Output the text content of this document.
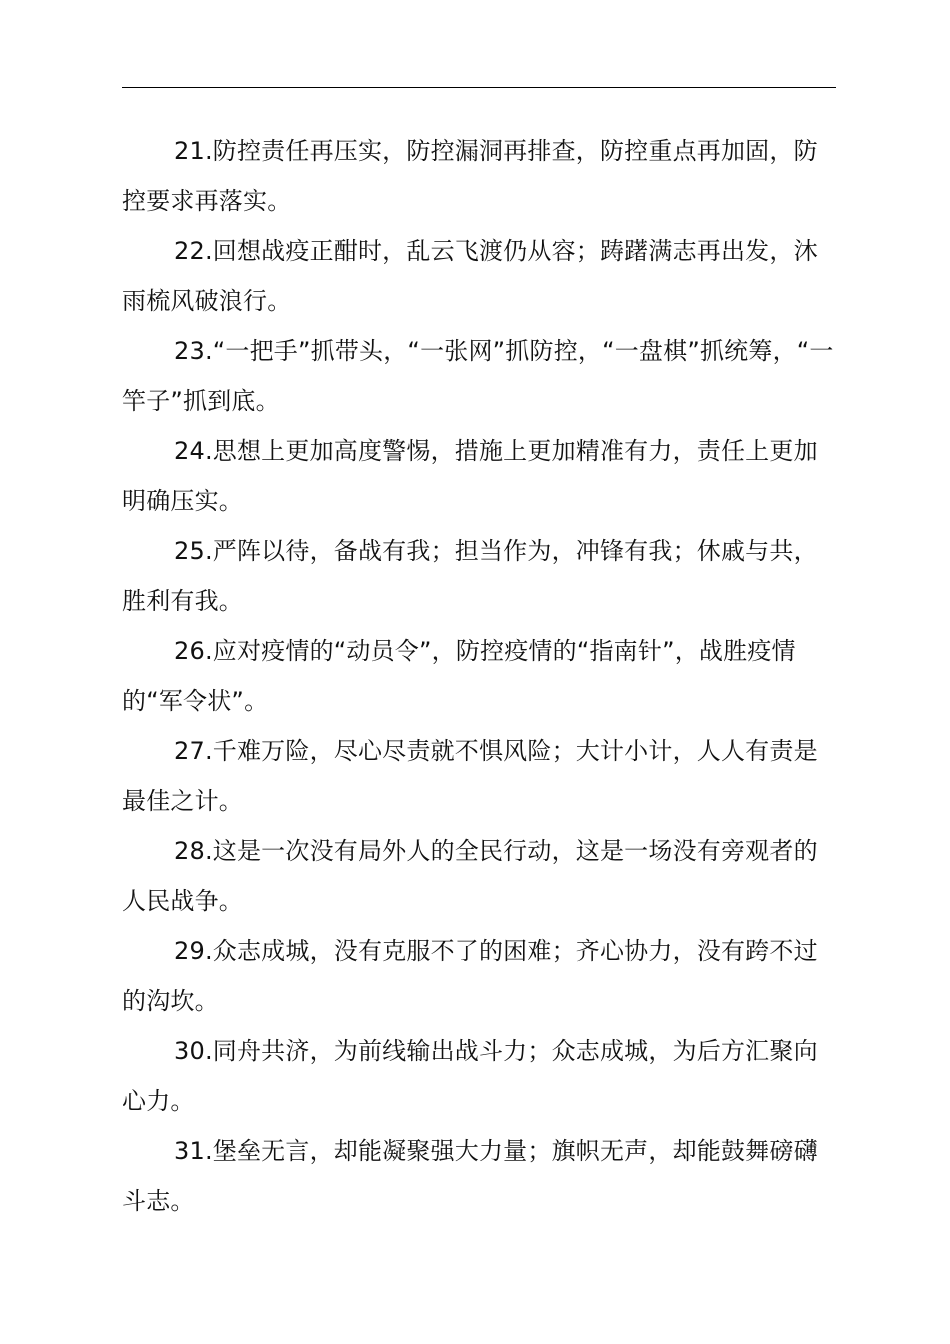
21.防控责任再压实，防控漏洞再排查，防控重点再加固，防控要求再落实。

22.回想战疫正酣时，乱云飞渡仍从容；踌躇满志再出发，沐雨梳风破浪行。

23.“一把手”抓带头，“一张网”抓防控，“一盘棋”抓统筹，“一竿子”抓到底。

24.思想上更加高度警惕，措施上更加精准有力，责任上更加明确压实。

25.严阵以待，备战有我；担当作为，冲锋有我；休戚与共，胜利有我。

26.应对疫情的“动员令”，防控疫情的“指南针”，战胜疫情的“军令状”。

27.千难万险，尽心尽责就不惧风险；大计小计，人人有责是最佳之计。

28.这是一次没有局外人的全民行动，这是一场没有旁观者的人民战争。

29.众志成城，没有克服不了的困难；齐心协力，没有跨不过的沟坎。

30.同舟共济，为前线输出战斗力；众志成城，为后方汇聚向心力。

31.堡垒无言，却能凝聚强大力量；旗帜无声，却能鼓舞磅礴斗志。
